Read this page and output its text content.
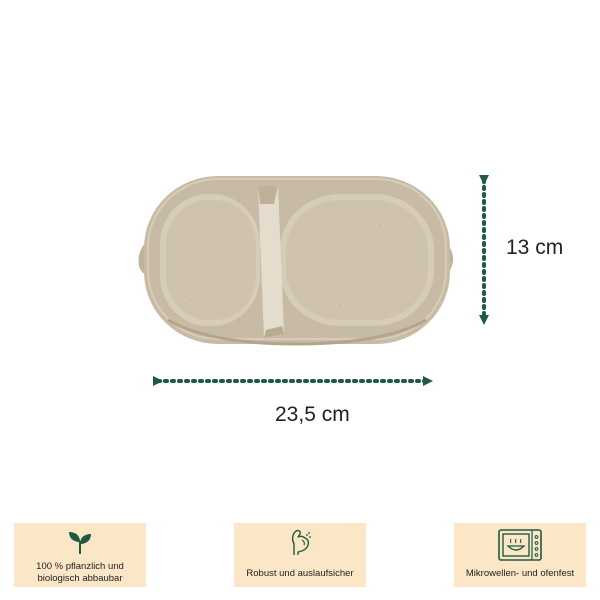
23,5 cm
13 cm
100 % pflanzlich und
biologisch abbaubar	Robust und auslaufsicher	Mikrowellen- und ofenfest
